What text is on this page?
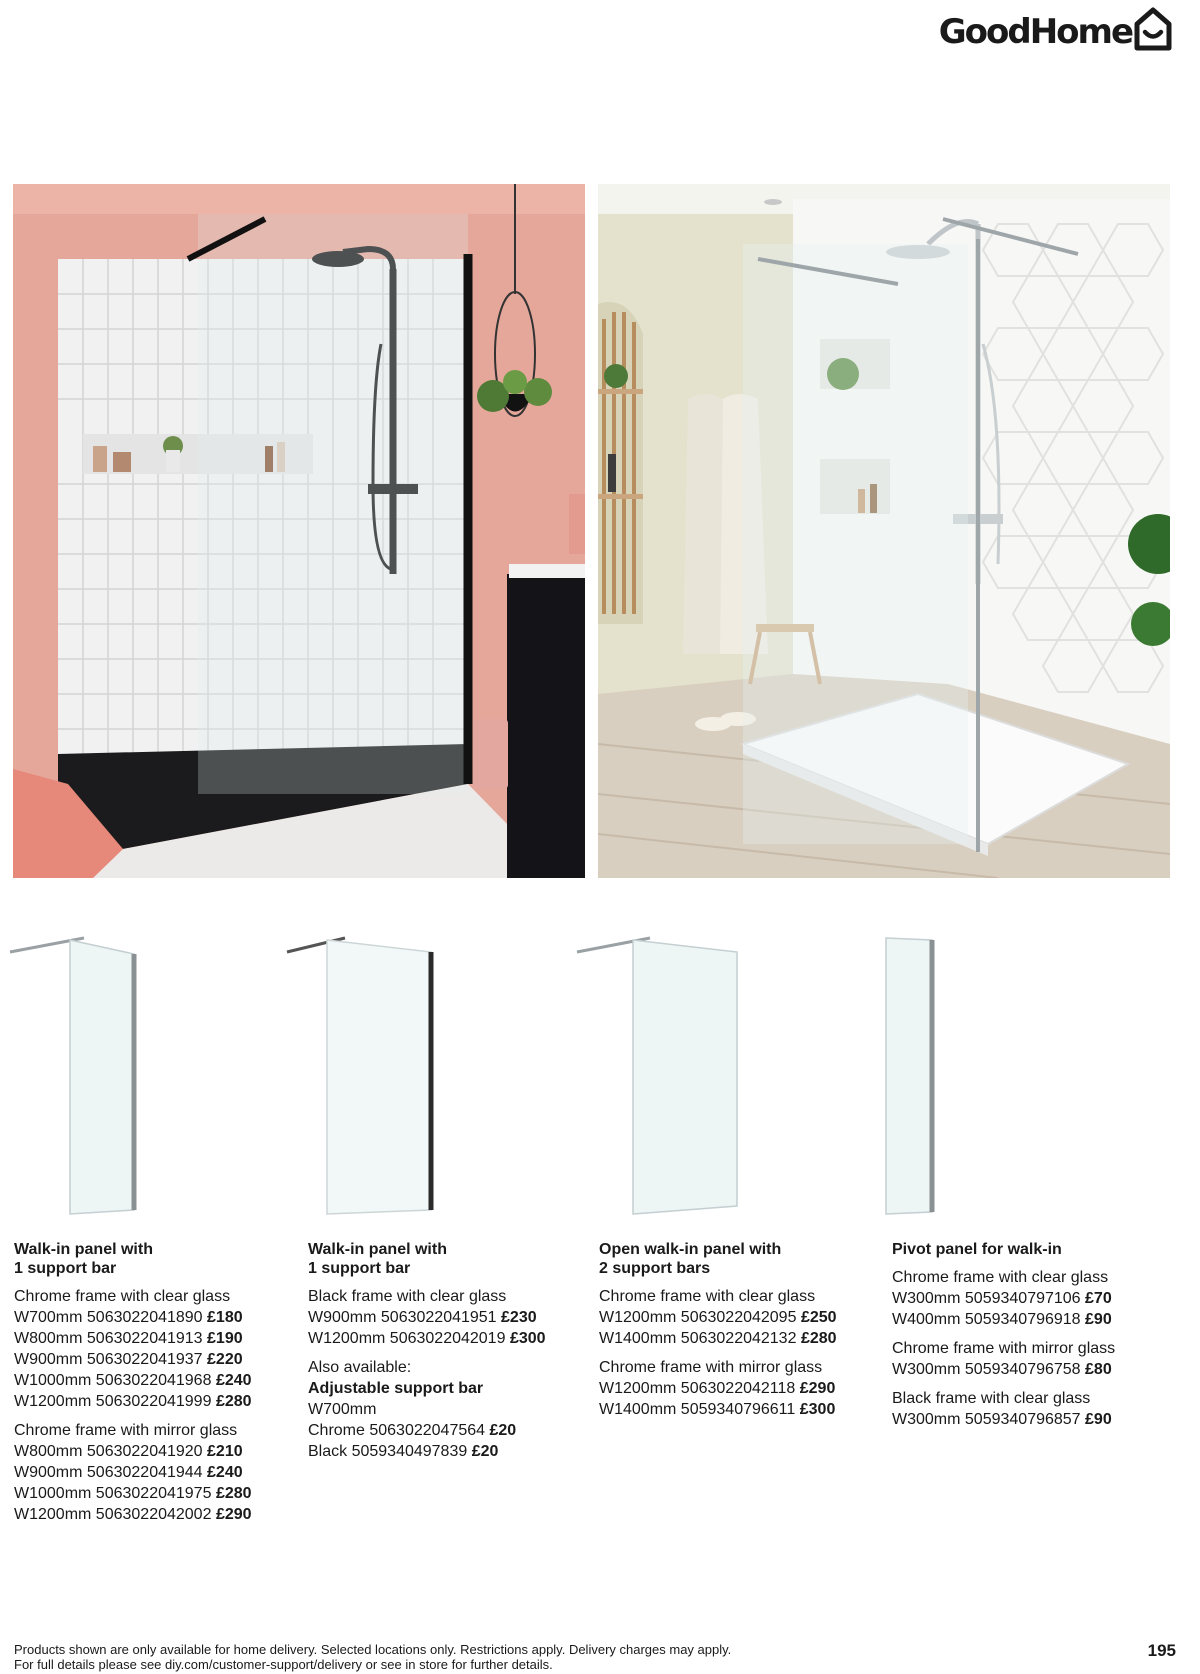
GoodHome
Walk-in panel with
1 support bar
Chrome frame with clear glass
W700mm 5063022041890 £180
W800mm 5063022041913 £190
W900mm 5063022041937 £220
W1000mm 5063022041968 £240
W1200mm 5063022041999 £280
Chrome frame with mirror glass
W800mm 5063022041920 £210
W900mm 5063022041944 £240
W1000mm 5063022041975 £280
W1200mm 5063022042002 £290
Walk-in panel with
1 support bar
Black frame with clear glass
W900mm 5063022041951 £230
W1200mm 5063022042019 £300
Also available:
Adjustable support bar
W700mm
Chrome 5063022047564 £20
Black 5059340497839 £20
Open walk-in panel with
2 support bars
Chrome frame with clear glass
W1200mm 5063022042095 £250
W1400mm 5063022042132 £280
Chrome frame with mirror glass
W1200mm 5063022042118 £290
W1400mm 5059340796611 £300
Pivot panel for walk-in
Chrome frame with clear glass
W300mm 5059340797106 £70
W400mm 5059340796918 £90
Chrome frame with mirror glass
W300mm 5059340796758 £80
Black frame with clear glass
W300mm 5059340796857 £90
Products shown are only available for home delivery. Selected locations only. Restrictions apply. Delivery charges may apply.
For full details please see diy.com/customer-support/delivery or see in store for further details.
195
